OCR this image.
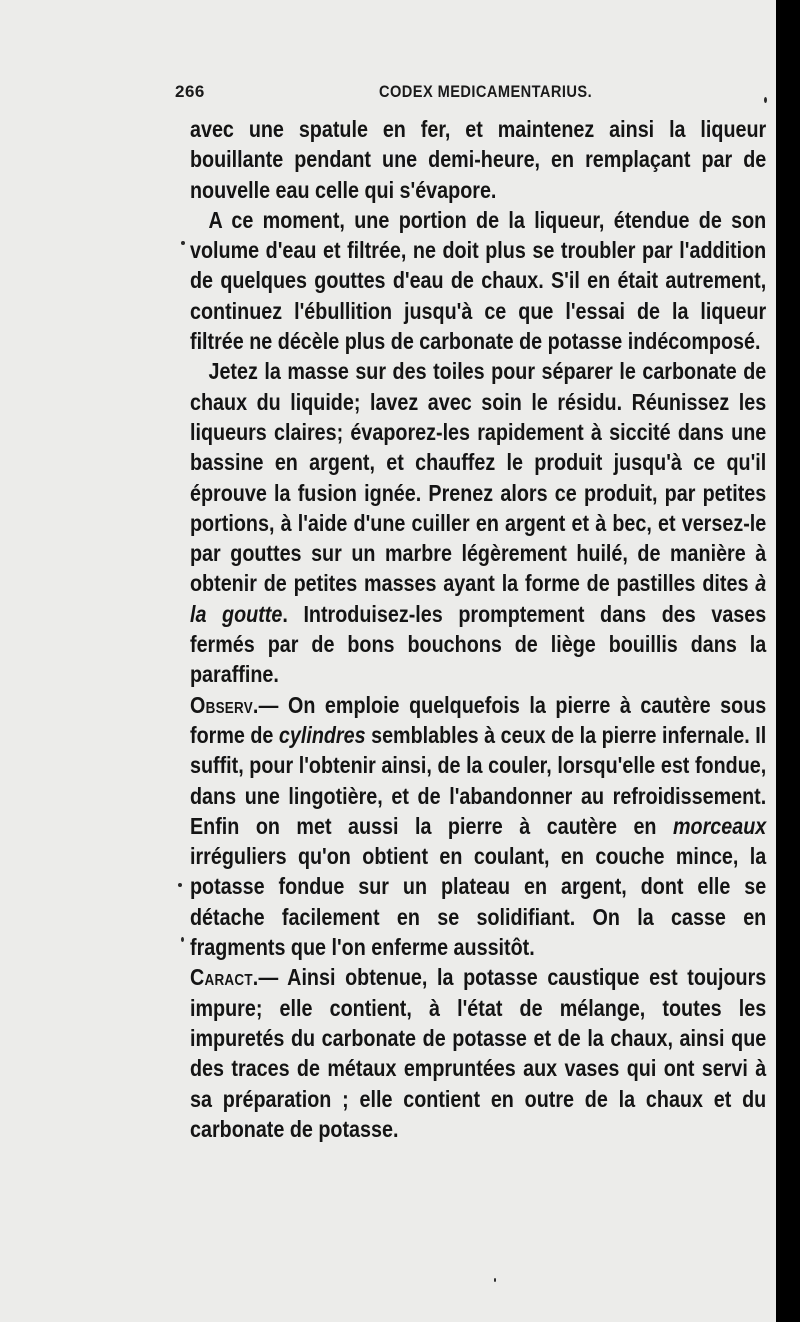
266	CODEX MEDICAMENTARIUS.

avec une spatule en fer, et maintenez ainsi la liqueur bouillante pendant une demi-heure, en remplaçant par de nouvelle eau celle qui s'évapore.

A ce moment, une portion de la liqueur, étendue de son volume d'eau et filtrée, ne doit plus se troubler par l'addition de quelques gouttes d'eau de chaux. S'il en était autrement, continuez l'ébullition jusqu'à ce que l'essai de la liqueur filtrée ne décèle plus de carbonate de potasse indécomposé.

Jetez la masse sur des toiles pour séparer le carbonate de chaux du liquide; lavez avec soin le résidu. Réunissez les liqueurs claires; évaporez-les rapidement à siccité dans une bassine en argent, et chauffez le produit jusqu'à ce qu'il éprouve la fusion ignée. Prenez alors ce produit, par petites portions, à l'aide d'une cuiller en argent et à bec, et versez-le par gouttes sur un marbre légèrement huilé, de manière à obtenir de petites masses ayant la forme de pastilles dites à la goutte. Introduisez-les promptement dans des vases fermés par de bons bouchons de liège bouillis dans la paraffine.

Observ.— On emploie quelquefois la pierre à cautère sous forme de cylindres semblables à ceux de la pierre infernale. Il suffit, pour l'obtenir ainsi, de la couler, lorsqu'elle est fondue, dans une lingotière, et de l'abandonner au refroidissement. Enfin on met aussi la pierre à cautère en morceaux irréguliers qu'on obtient en coulant, en couche mince, la potasse fondue sur un plateau en argent, dont elle se détache facilement en se solidifiant. On la casse en fragments que l'on enferme aussitôt.

Caract.— Ainsi obtenue, la potasse caustique est toujours impure; elle contient, à l'état de mélange, toutes les impuretés du carbonate de potasse et de la chaux, ainsi que des traces de métaux empruntées aux vases qui ont servi à sa préparation ; elle contient en outre de la chaux et du carbonate de potasse.
